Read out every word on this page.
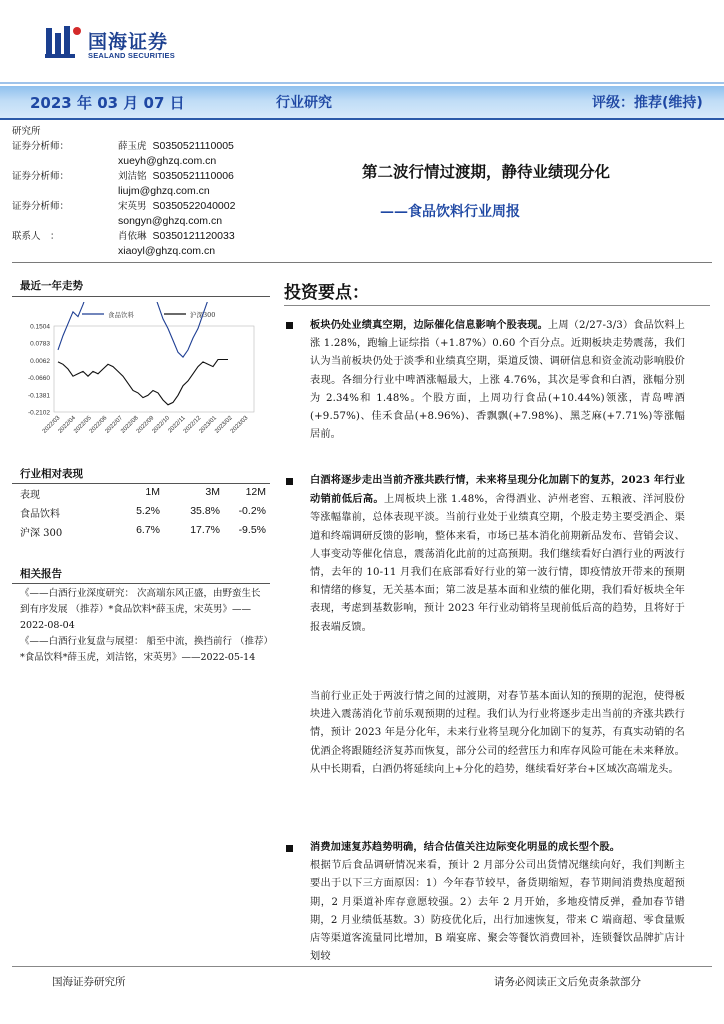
国海证券
SEALAND SECURITIES
2023 年 03 月 07 日	行业研究	评级：推荐(维持)
研究所
证券分析师：	薛玉虎 S0350521110005
xueyh@ghzq.com.cn
证券分析师：	刘洁铭 S0350521110006
liujm@ghzq.com.cn
证券分析师：	宋英男 S0350522040002
songyn@ghzq.com.cn
联系人　：	肖依琳 S0350121120033
xiaoyl@ghzq.com.cn
第二波行情过渡期，静待业绩现分化
——食品饮料行业周报
最近一年走势
食品饮料	沪深300
0.1504
0.0783
0.0062
-0.0660
-0.1381
-0.2102
2022/03
2022/04
2022/05
2022/06
2022/07
2022/08
2022/09
2022/10
2022/11
2022/12
2023/01
2023/02
2023/03
行业相对表现
表现	1M	3M	12M
食品饮料	5.2%	35.8%	-0.2%
沪深 300	6.7%	17.7%	-9.5%
相关报告
《——白酒行业深度研究： 次高端东风正盛，由野蛮生长到有序发展 （推荐）*食品饮料*薛玉虎，宋英男》——2022-08-04
《——白酒行业复盘与展望： 船至中流，换挡前行 （推荐）*食品饮料*薛玉虎，刘洁铭，宋英男》——2022-05-14
投资要点：
板块仍处业绩真空期，边际催化信息影响个股表现。上周（2/27-3/3）食品饮料上涨 1.28%，跑输上证综指（+1.87%）0.60 个百分点。近期板块走势震荡，我们认为当前板块仍处于淡季和业绩真空期，渠道反馈、调研信息和资金流动影响股价表现。各细分行业中啤酒涨幅最大，上涨 4.76%，其次是零食和白酒，涨幅分别为 2.34%和 1.48%。个股方面，上周功行食品(+10.44%)领涨，青岛啤酒(+9.57%)、佳禾食品(+8.96%)、香飘飘(+7.98%)、黑芝麻(+7.71%)等涨幅居前。
白酒将逐步走出当前齐涨共跌行情，未来将呈现分化加剧下的复苏，2023 年行业动销前低后高。上周板块上涨 1.48%，舍得酒业、泸州老窖、五粮液、洋河股份等涨幅靠前，总体表现平淡。当前行业处于业绩真空期，个股走势主要受酒企、渠道和终端调研反馈的影响，整体来看，市场已基本消化前期新品发布、营销会议、人事变动等催化信息，震荡消化此前的过高预期。我们继续看好白酒行业的两波行情，去年的 10-11 月我们在底部看好行业的第一波行情，即疫情放开带来的预期和情绪的修复，无关基本面；第二波是基本面和业绩的催化期，我们看好板块全年表现，考虑到基数影响，预计 2023 年行业动销将呈现前低后高的趋势，且将好于报表端反馈。
当前行业正处于两波行情之间的过渡期，对春节基本面认知的预期的泥泡，使得板块进入震荡消化节前乐观预期的过程。我们认为行业将逐步走出当前的齐涨共跌行情，预计 2023 年是分化年，未来行业将呈现分化加剧下的复苏，有真实动销的名优酒企将跟随经济复苏而恢复，部分公司的经营压力和库存风险可能在未来释放。从中长期看，白酒仍将延续向上+分化的趋势，继续看好茅台+区域次高端龙头。
消费加速复苏趋势明确，结合估值关注边际变化明显的成长型个股。
根据节后食品调研情况来看，预计 2 月部分公司出货情况继续向好，我们判断主要出于以下三方面原因：1）今年春节较早，备货期缩短，春节期间消费热度超预期，2 月渠道补库存意愿较强。2）去年 2 月开始，多地疫情反弹，叠加春节错期，2 月业绩低基数。3）防疫优化后，出行加速恢复，带来 C 端商超、零食量贩店等渠道客流量同比增加，B 端宴席、聚会等餐饮消费回补，连锁餐饮品牌扩店计划较
国海证券研究所	请务必阅读正文后免责条款部分
